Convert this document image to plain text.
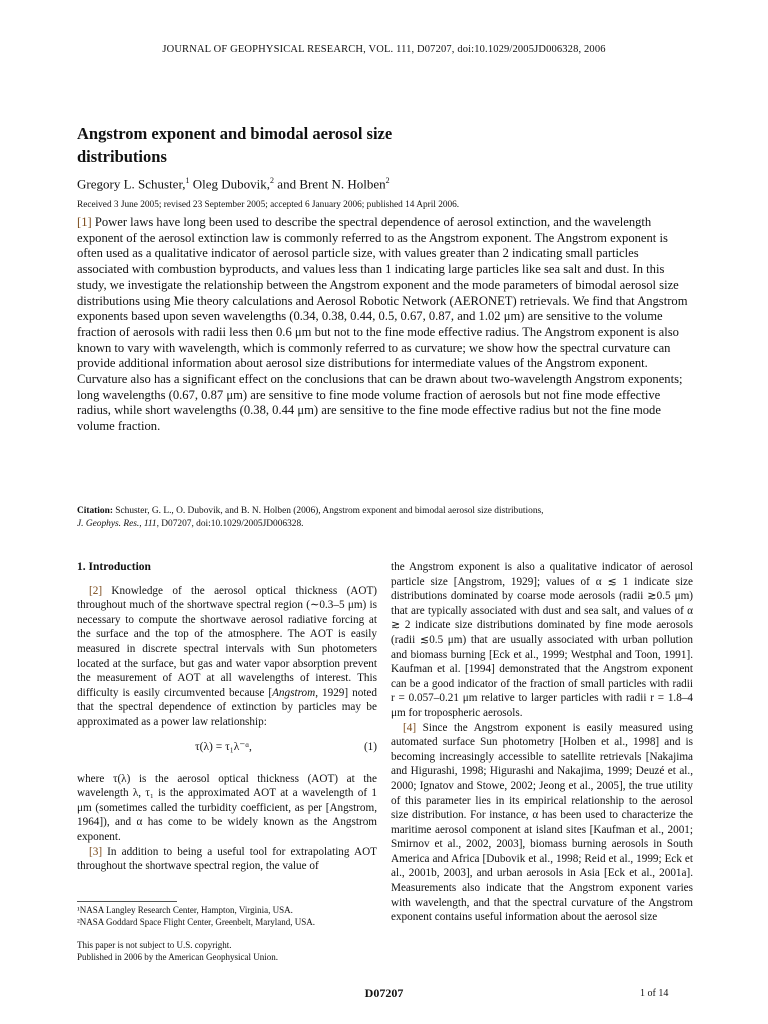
JOURNAL OF GEOPHYSICAL RESEARCH, VOL. 111, D07207, doi:10.1029/2005JD006328, 2006
Angstrom exponent and bimodal aerosol size
distributions
Gregory L. Schuster,$^1$ Oleg Dubovik,$^2$ and Brent N. Holben$^2$
Received 3 June 2005; revised 23 September 2005; accepted 6 January 2006; published 14 April 2006.
[1] Power laws have long been used to describe the spectral dependence of aerosol extinction, and the wavelength exponent of the aerosol extinction law is commonly referred to as the Angstrom exponent. The Angstrom exponent is often used as a qualitative indicator of aerosol particle size, with values greater than 2 indicating small particles associated with combustion byproducts, and values less than 1 indicating large particles like sea salt and dust. In this study, we investigate the relationship between the Angstrom exponent and the mode parameters of bimodal aerosol size distributions using Mie theory calculations and Aerosol Robotic Network (AERONET) retrievals. We find that Angstrom exponents based upon seven wavelengths (0.34, 0.38, 0.44, 0.5, 0.67, 0.87, and 1.02 μm) are sensitive to the volume fraction of aerosols with radii less then 0.6 μm but not to the fine mode effective radius. The Angstrom exponent is also known to vary with wavelength, which is commonly referred to as curvature; we show how the spectral curvature can provide additional information about aerosol size distributions for intermediate values of the Angstrom exponent. Curvature also has a significant effect on the conclusions that can be drawn about two-wavelength Angstrom exponents; long wavelengths (0.67, 0.87 μm) are sensitive to fine mode volume fraction of aerosols but not fine mode effective radius, while short wavelengths (0.38, 0.44 μm) are sensitive to the fine mode effective radius but not the fine mode volume fraction.
Citation: Schuster, G. L., O. Dubovik, and B. N. Holben (2006), Angstrom exponent and bimodal aerosol size distributions,
J. Geophys. Res., 111, D07207, doi:10.1029/2005JD006328.

1. Introduction

[2] Knowledge of the aerosol optical thickness (AOT) throughout much of the shortwave spectral region (∼0.3–5 μm) is necessary to compute the shortwave aerosol radiative forcing at the surface and the top of the atmosphere. The AOT is easily measured in discrete spectral intervals with Sun photometers located at the surface, but gas and water vapor absorption prevent the measurement of AOT at all wavelengths of interest. This difficulty is easily circumvented because [Angstrom, 1929] noted that the spectral dependence of extinction by particles may be approximated as a power law relationship:

τ(λ) = τ₁λ⁻ᵅ,	(1)

where τ(λ) is the aerosol optical thickness (AOT) at the wavelength λ, τ₁ is the approximated AOT at a wavelength of 1 μm (sometimes called the turbidity coefficient, as per [Angstrom, 1964]), and α has come to be widely known as the Angstrom exponent.

[3] In addition to being a useful tool for extrapolating AOT throughout the shortwave spectral region, the value of

¹NASA Langley Research Center, Hampton, Virginia, USA.
²NASA Goddard Space Flight Center, Greenbelt, Maryland, USA.
This paper is not subject to U.S. copyright.
Published in 2006 by the American Geophysical Union.

the Angstrom exponent is also a qualitative indicator of aerosol particle size [Angstrom, 1929]; values of α ≲ 1 indicate size distributions dominated by coarse mode aerosols (radii ≳0.5 μm) that are typically associated with dust and sea salt, and values of α ≳ 2 indicate size distributions dominated by fine mode aerosols (radii ≲0.5 μm) that are usually associated with urban pollution and biomass burning [Eck et al., 1999; Westphal and Toon, 1991]. Kaufman et al. [1994] demonstrated that the Angstrom exponent can be a good indicator of the fraction of small particles with radii r = 0.057–0.21 μm relative to larger particles with radii r = 1.8–4 μm for tropospheric aerosols.

[4] Since the Angstrom exponent is easily measured using automated surface Sun photometry [Holben et al., 1998] and is becoming increasingly accessible to satellite retrievals [Nakajima and Higurashi, 1998; Higurashi and Nakajima, 1999; Deuzé et al., 2000; Ignatov and Stowe, 2002; Jeong et al., 2005], the true utility of this parameter lies in its empirical relationship to the aerosol size distribution. For instance, α has been used to characterize the maritime aerosol component at island sites [Kaufman et al., 2001; Smirnov et al., 2002, 2003], biomass burning aerosols in South America and Africa [Dubovik et al., 1998; Reid et al., 1999; Eck et al., 2001b, 2003], and urban aerosols in Asia [Eck et al., 2001a]. Measurements also indicate that the Angstrom exponent varies with wavelength, and that the spectral curvature of the Angstrom exponent contains useful information about the aerosol size

D07207	1 of 14
